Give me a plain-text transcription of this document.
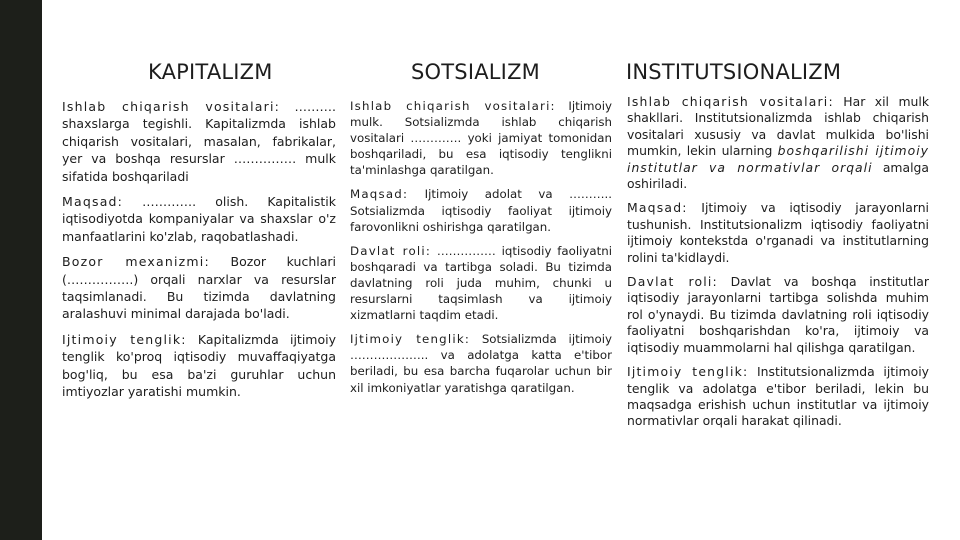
KAPITALIZM	SOTSIALIZM	INSTITUTSIONALIZM

Ishlab chiqarish vositalari: ………. shaxslarga tegishli. Kapitalizmda ishlab chiqarish vositalari, masalan, fabrikalar, yer va boshqa resurslar …………… mulk sifatida boshqariladi

Maqsad: …………. olish. Kapitalistik iqtisodiyotda kompaniyalar va shaxslar o'z manfaatlarini ko'zlab, raqobatlashadi.

Bozor mexanizmi: Bozor kuchlari (…………….) orqali narxlar va resurslar taqsimlanadi. Bu tizimda davlatning aralashuvi minimal darajada bo'ladi.

Ijtimoiy tenglik: Kapitalizmda ijtimoiy tenglik ko'proq iqtisodiy muvaffaqiyatga bog'liq, bu esa ba'zi guruhlar uchun imtiyozlar yaratishi mumkin.

Ishlab chiqarish vositalari: Ijtimoiy mulk. Sotsializmda ishlab chiqarish vositalari …………. yoki jamiyat tomonidan boshqariladi, bu esa iqtisodiy tenglikni ta'minlashga qaratilgan.

Maqsad: Ijtimoiy adolat va ……….. Sotsializmda iqtisodiy faoliyat ijtimoiy farovonlikni oshirishga qaratilgan.

Davlat roli: …………… iqtisodiy faoliyatni boshqaradi va tartibga soladi. Bu tizimda davlatning roli juda muhim, chunki u resurslarni taqsimlash va ijtimoiy xizmatlarni taqdim etadi.

Ijtimoiy tenglik: Sotsializmda ijtimoiy ……………….. va adolatga katta e'tibor beriladi, bu esa barcha fuqarolar uchun bir xil imkoniyatlar yaratishga qaratilgan.

Ishlab chiqarish vositalari: Har xil mulk shakllari. Institutsionalizmda ishlab chiqarish vositalari xususiy va davlat mulkida bo'lishi mumkin, lekin ularning boshqarilishi ijtimoiy institutlar va normativlar orqali amalga oshiriladi.

Maqsad: Ijtimoiy va iqtisodiy jarayonlarni tushunish. Institutsionalizm iqtisodiy faoliyatni ijtimoiy kontekstda o'rganadi va institutlarning rolini ta'kidlaydi.

Davlat roli: Davlat va boshqa institutlar iqtisodiy jarayonlarni tartibga solishda muhim rol o'ynaydi. Bu tizimda davlatning roli iqtisodiy faoliyatni boshqarishdan ko'ra, ijtimoiy va iqtisodiy muammolarni hal qilishga qaratilgan.

Ijtimoiy tenglik: Institutsionalizmda ijtimoiy tenglik va adolatga e'tibor beriladi, lekin bu maqsadga erishish uchun institutlar va ijtimoiy normativlar orqali harakat qilinadi.
